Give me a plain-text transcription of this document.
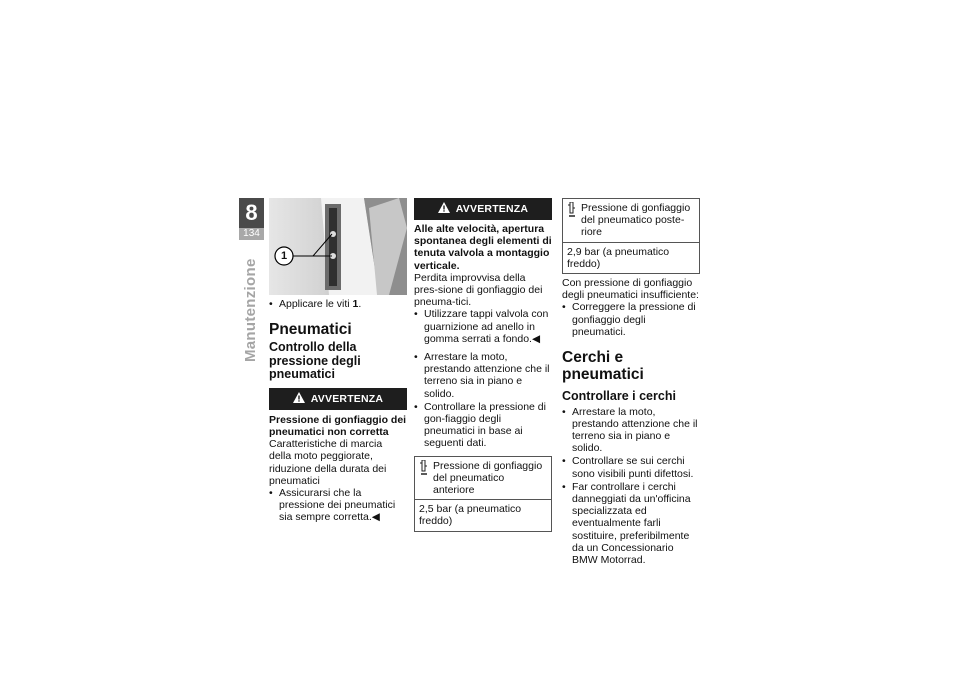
8
134
Manutenzione
1
• Applicare le viti 1.
Pneumatici
Controllo della pressione degli pneumatici
AVVERTENZA
Pressione di gonfiaggio dei pneumatici non corretta
Caratteristiche di marcia della moto peggiorate, riduzione della durata dei pneumatici
• Assicurarsi che la pressione dei pneumatici sia sempre corretta.◀
AVVERTENZA
Alle alte velocità, apertura spontanea degli elementi di tenuta valvola a montaggio verticale.
Perdita improvvisa della pres-sione di gonfiaggio dei pneuma-tici.
• Utilizzare tappi valvola con guarnizione ad anello in gomma serrati a fondo.◀
• Arrestare la moto, prestando attenzione che il terreno sia in piano e solido.
• Controllare la pressione di gon-fiaggio degli pneumatici in base ai seguenti dati.
Pressione di gonfiaggio del pneumatico anteriore
2,5 bar (a pneumatico freddo)
Pressione di gonfiaggio del pneumatico poste-riore
2,9 bar (a pneumatico freddo)
Con pressione di gonfiaggio degli pneumatici insufficiente:
• Correggere la pressione di gonfiaggio degli pneumatici.
Cerchi e pneumatici
Controllare i cerchi
• Arrestare la moto, prestando attenzione che il terreno sia in piano e solido.
• Controllare se sui cerchi sono visibili punti difettosi.
• Far controllare i cerchi danneggiati da un'officina specializzata ed eventualmente farli sostituire, preferibilmente da un Concessionario BMW Motorrad.
